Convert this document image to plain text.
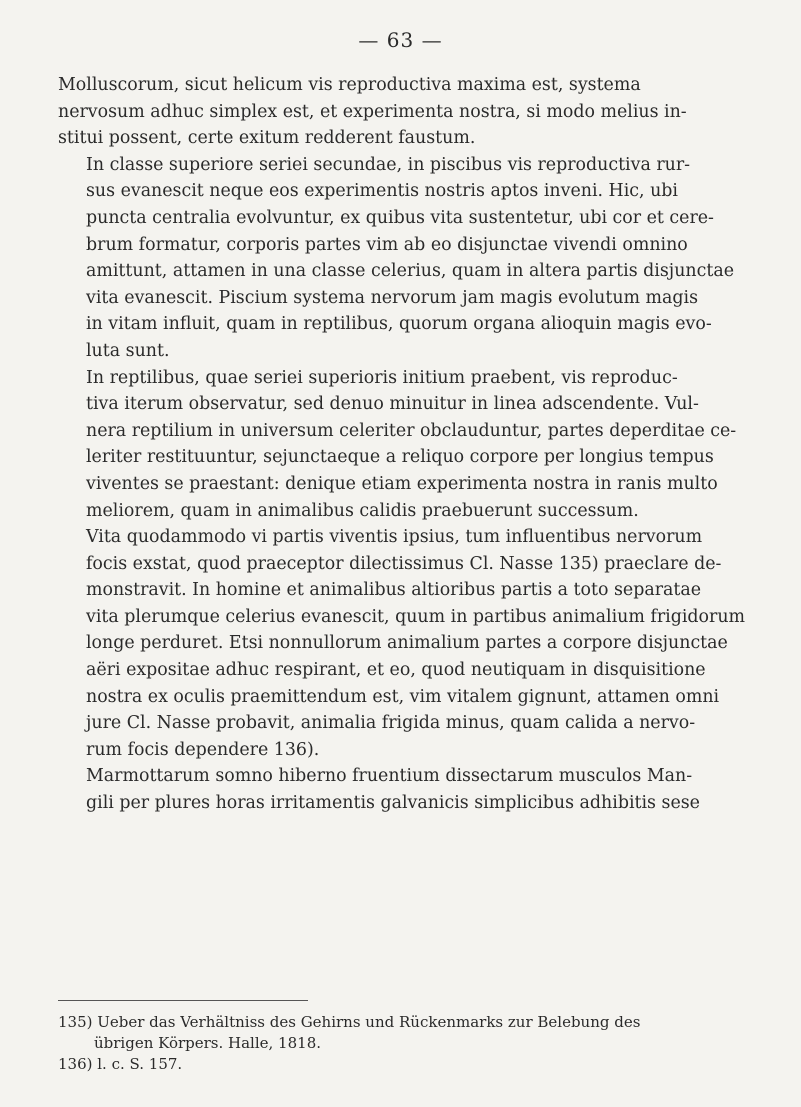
— 63 —

Molluscorum, sicut helicum vis reproductiva maxima est, systema
nervosum adhuc simplex est, et experimenta nostra, si modo melius in-
stitui possent, certe exitum redderent faustum.

In classe superiore seriei secundae, in piscibus vis reproductiva rur-
sus evanescit neque eos experimentis nostris aptos inveni. Hic, ubi
puncta centralia evolvuntur, ex quibus vita sustentetur, ubi cor et cere-
brum formatur, corporis partes vim ab eo disjunctae vivendi omnino
amittunt, attamen in una classe celerius, quam in altera partis disjunctae
vita evanescit. Piscium systema nervorum jam magis evolutum magis
in vitam influit, quam in reptilibus, quorum organa alioquin magis evo-
luta sunt.

In reptilibus, quae seriei superioris initium praebent, vis reproduc-
tiva iterum observatur, sed denuo minuitur in linea adscendente. Vul-
nera reptilium in universum celeriter obclauduntur, partes deperditae ce-
leriter restituuntur, sejunctaeque a reliquo corpore per longius tempus
viventes se praestant: denique etiam experimenta nostra in ranis multo
meliorem, quam in animalibus calidis praebuerunt successum.

Vita quodammodo vi partis viventis ipsius, tum influentibus nervorum
focis exstat, quod praeceptor dilectissimus Cl. Nasse 135) praeclare de-
monstravit. In homine et animalibus altioribus partis a toto separatae
vita plerumque celerius evanescit, quum in partibus animalium frigidorum
longe perduret. Etsi nonnullorum animalium partes a corpore disjunctae
aëri expositae adhuc respirant, et eo, quod neutiquam in disquisitione
nostra ex oculis praemittendum est, vim vitalem gignunt, attamen omni
jure Cl. Nasse probavit, animalia frigida minus, quam calida a nervo-
rum focis dependere 136).

Marmottarum somno hiberno fruentium dissectarum musculos Man-
gili per plures horas irritamentis galvanicis simplicibus adhibitis sese

135) Ueber das Verhältniss des Gehirns und Rückenmarks zur Belebung des
übrigen Körpers. Halle, 1818.
136) l. c. S. 157.
